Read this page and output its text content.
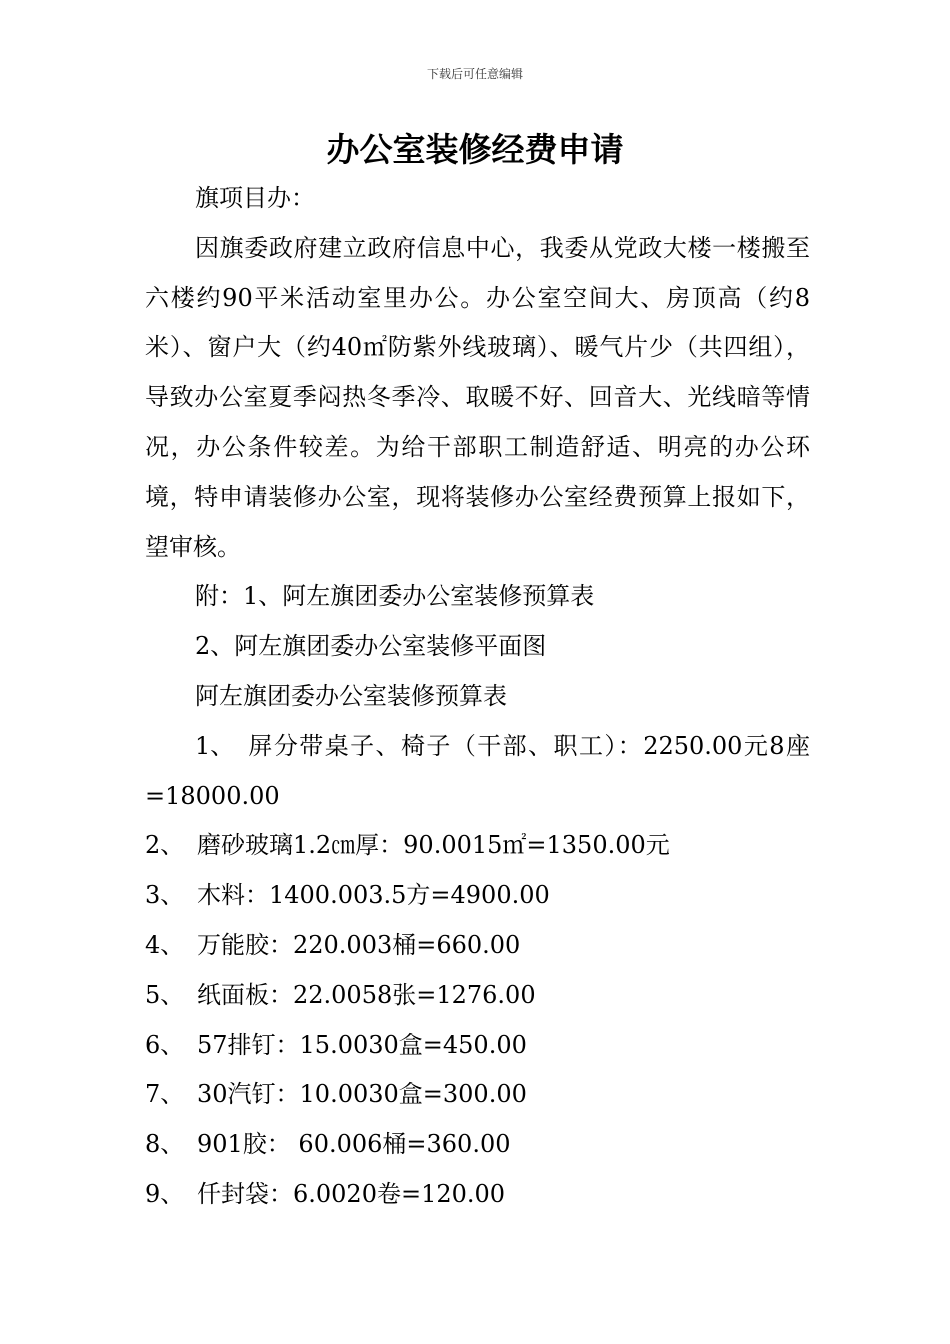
下载后可任意编辑
办公室装修经费申请

旗项目办：

因旗委政府建立政府信息中心，我委从党政大楼一楼搬至六楼约90平米活动室里办公。办公室空间大、房顶高（约8米）、窗户大（约40㎡防紫外线玻璃）、暖气片少（共四组），导致办公室夏季闷热冬季冷、取暖不好、回音大、光线暗等情况，办公条件较差。为给干部职工制造舒适、明亮的办公环境，特申请装修办公室，现将装修办公室经费预算上报如下，望审核。

附：1、阿左旗团委办公室装修预算表

2、阿左旗团委办公室装修平面图

阿左旗团委办公室装修预算表

1、 屏分带桌子、椅子（干部、职工）：2250.00元8座=18000.00

2、 磨砂玻璃1.2㎝厚：90.0015㎡=1350.00元

3、 木料：1400.003.5方=4900.00

4、 万能胶：220.003桶=660.00

5、 纸面板：22.0058张=1276.00

6、 57排钉：15.0030盒=450.00

7、 30汽钉：10.0030盒=300.00

8、 901胶： 60.006桶=360.00

9、 仟封袋：6.0020卷=120.00
